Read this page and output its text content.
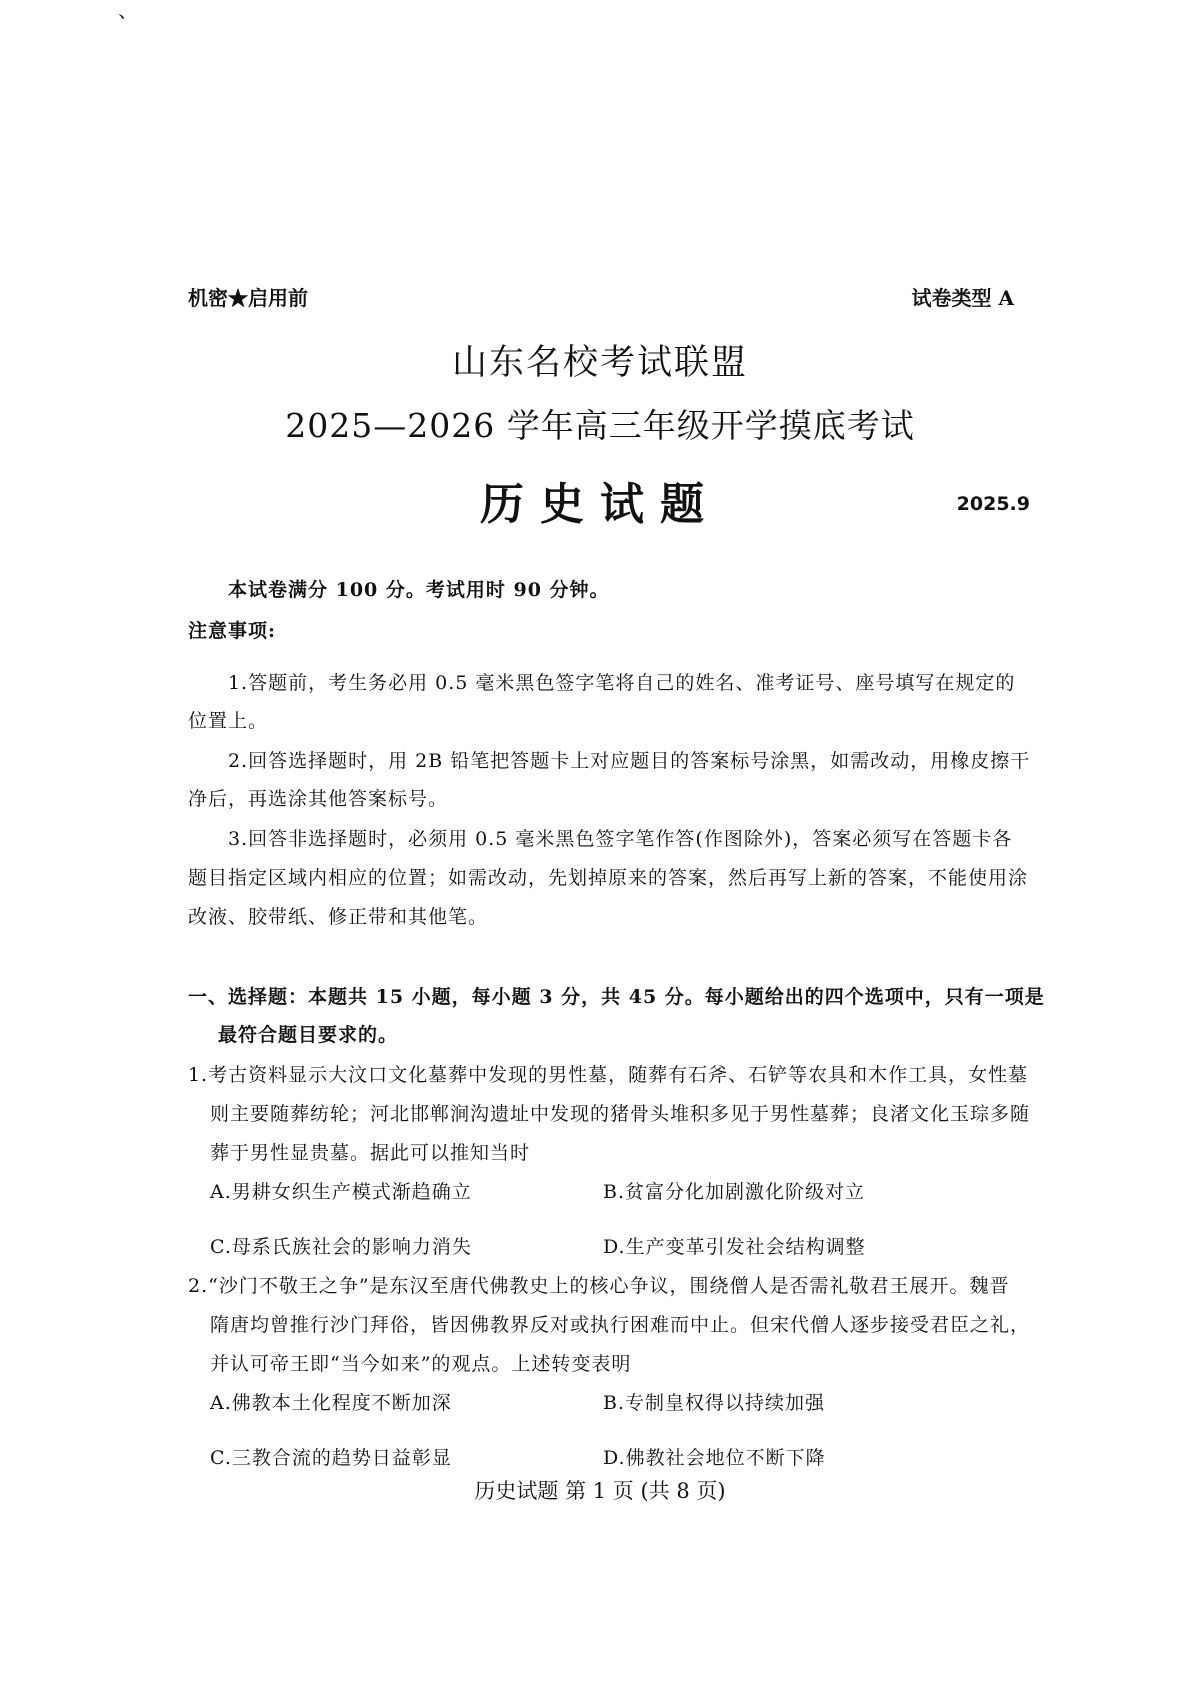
、
机密★启用前	试卷类型 A
山东名校考试联盟
2025—2026 学年高三年级开学摸底考试
历史试题	2025.9
本试卷满分 100 分。考试用时 90 分钟。
注意事项:
1.答题前，考生务必用 0.5 毫米黑色签字笔将自己的姓名、准考证号、座号填写在规定的
位置上。
2.回答选择题时，用 2B 铅笔把答题卡上对应题目的答案标号涂黑，如需改动，用橡皮擦干
净后，再选涂其他答案标号。
3.回答非选择题时，必须用 0.5 毫米黑色签字笔作答(作图除外)，答案必须写在答题卡各
题目指定区域内相应的位置；如需改动，先划掉原来的答案，然后再写上新的答案，不能使用涂
改液、胶带纸、修正带和其他笔。
一、选择题：本题共 15 小题，每小题 3 分，共 45 分。每小题给出的四个选项中，只有一项是
最符合题目要求的。
1.考古资料显示大汶口文化墓葬中发现的男性墓，随葬有石斧、石铲等农具和木作工具，女性墓
则主要随葬纺轮；河北邯郸涧沟遗址中发现的猪骨头堆积多见于男性墓葬；良渚文化玉琮多随
葬于男性显贵墓。据此可以推知当时
A.男耕女织生产模式渐趋确立	B.贫富分化加剧激化阶级对立
C.母系氏族社会的影响力消失	D.生产变革引发社会结构调整
2.“沙门不敬王之争”是东汉至唐代佛教史上的核心争议，围绕僧人是否需礼敬君王展开。魏晋
隋唐均曾推行沙门拜俗，皆因佛教界反对或执行困难而中止。但宋代僧人逐步接受君臣之礼，
并认可帝王即“当今如来”的观点。上述转变表明
A.佛教本土化程度不断加深	B.专制皇权得以持续加强
C.三教合流的趋势日益彰显	D.佛教社会地位不断下降
历史试题 第 1 页 (共 8 页)
